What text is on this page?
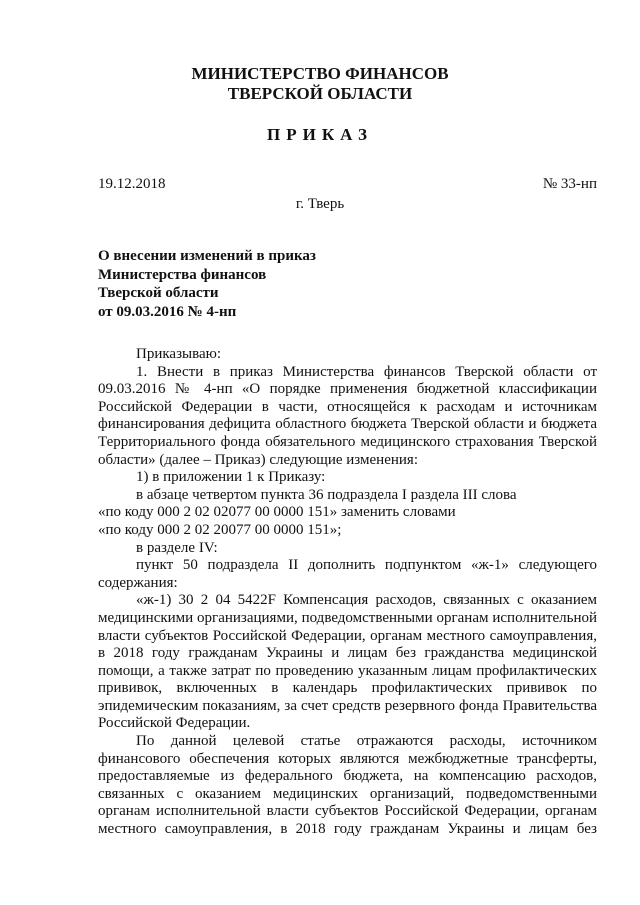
МИНИСТЕРСТВО ФИНАНСОВ
ТВЕРСКОЙ ОБЛАСТИ
ПРИКАЗ
19.12.2018	№ 33-нп
г. Тверь
О внесении изменений в приказ
Министерства финансов
Тверской области
от 09.03.2016 № 4-нп

Приказываю:

1. Внести в приказ Министерства финансов Тверской области от 09.03.2016 № 4-нп «О порядке применения бюджетной классификации Российской Федерации в части, относящейся к расходам и источникам финансирования дефицита областного бюджета Тверской области и бюджета Территориального фонда обязательного медицинского страхования Тверской области» (далее – Приказ) следующие изменения:

1) в приложении 1 к Приказу:

в абзаце четвертом пункта 36 подраздела I раздела III слова

«по коду 000 2 02 02077 00 0000 151» заменить словами

«по коду 000 2 02 20077 00 0000 151»;

в разделе IV:

пункт 50 подраздела II дополнить подпунктом «ж-1» следующего содержания:

«ж-1) 30 2 04 5422F Компенсация расходов, связанных с оказанием медицинскими организациями, подведомственными органам исполнительной власти субъектов Российской Федерации, органам местного самоуправления, в 2018 году гражданам Украины и лицам без гражданства медицинской помощи, а также затрат по проведению указанным лицам профилактических прививок, включенных в календарь профилактических прививок по эпидемическим показаниям, за счет средств резервного фонда Правительства Российской Федерации.

По данной целевой статье отражаются расходы, источником финансового обеспечения которых являются межбюджетные трансферты, предоставляемые из федерального бюджета, на компенсацию расходов, связанных с оказанием медицинских организаций, подведомственными органам исполнительной власти субъектов Российской Федерации, органам местного самоуправления, в 2018 году гражданам Украины и лицам без
